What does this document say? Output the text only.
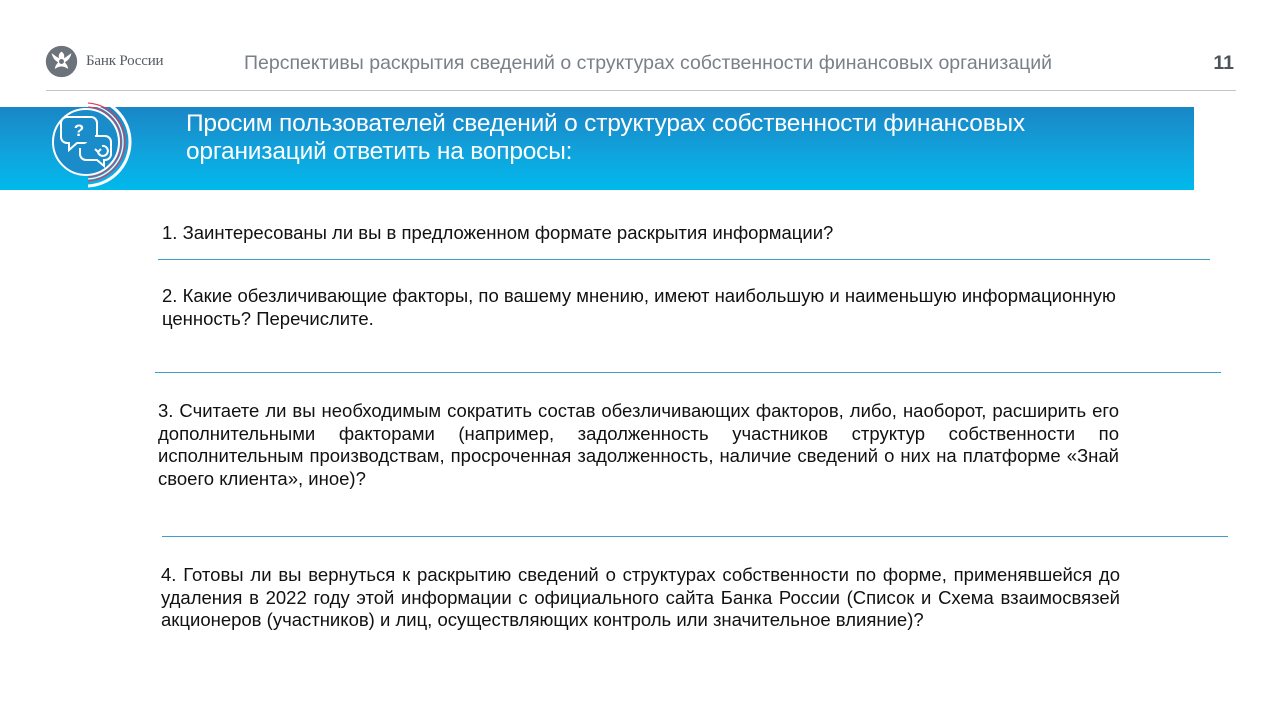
Банк России	Перспективы раскрытия сведений о структурах собственности финансовых организаций	11
?	Просим пользователей сведений о структурах собственности финансовых организаций ответить на вопросы:
1. Заинтересованы ли вы в предложенном формате раскрытия информации?
2. Какие обезличивающие факторы, по вашему мнению, имеют наибольшую и наименьшую информационную ценность? Перечислите.
3. Считаете ли вы необходимым сократить состав обезличивающих факторов, либо, наоборот, расширить его дополнительными факторами (например, задолженность участников структур собственности по исполнительным производствам, просроченная задолженность, наличие сведений о них на платформе «Знай своего клиента», иное)?
4. Готовы ли вы вернуться к раскрытию сведений о структурах собственности по форме, применявшейся до удаления в 2022 году этой информации с официального сайта Банка России (Список и Схема взаимосвязей акционеров (участников) и лиц, осуществляющих контроль или значительное влияние)?
